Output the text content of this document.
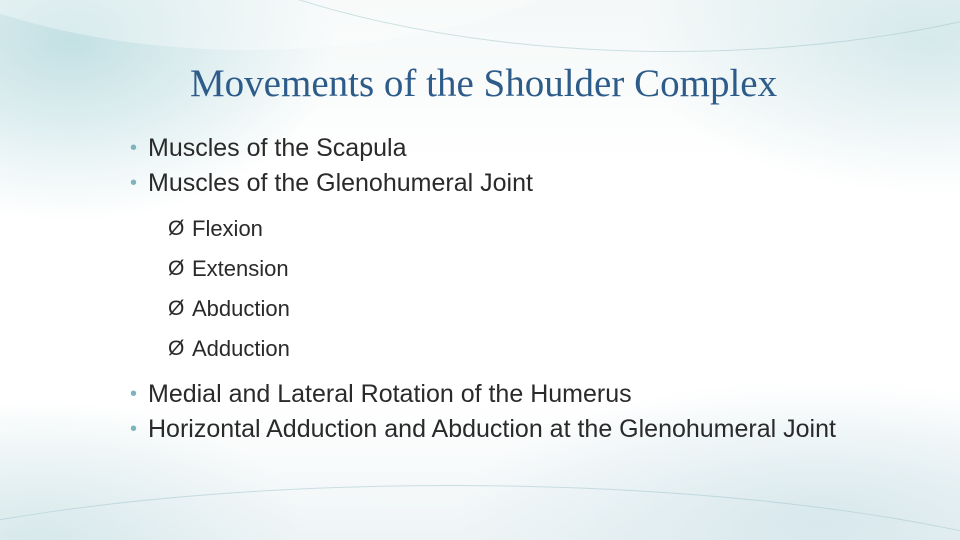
Movements of the Shoulder Complex

• Muscles of the Scapula

• Muscles of the Glenohumeral Joint

Ø Flexion

Ø Extension

Ø Abduction

Ø Adduction

• Medial and Lateral Rotation of the Humerus

• Horizontal Adduction and Abduction at the Glenohumeral Joint
